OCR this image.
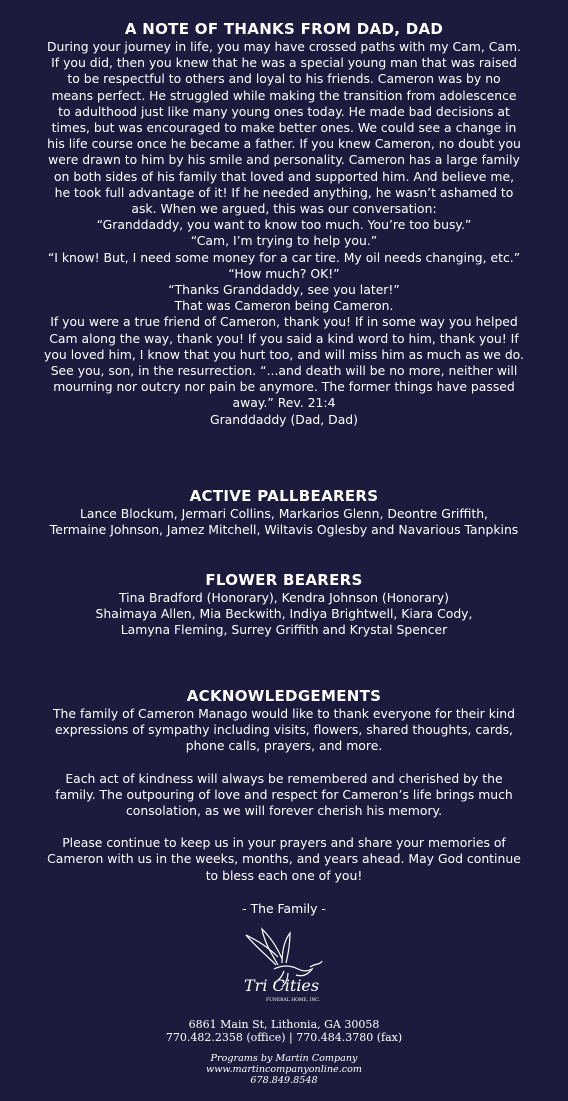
A NOTE OF THANKS FROM DAD, DAD

During your journey in life, you may have crossed paths with my Cam, Cam.
If you did, then you knew that he was a special young man that was raised
to be respectful to others and loyal to his friends. Cameron was by no
means perfect. He struggled while making the transition from adolescence
to adulthood just like many young ones today. He made bad decisions at
times, but was encouraged to make better ones. We could see a change in
his life course once he became a father. If you knew Cameron, no doubt you
were drawn to him by his smile and personality. Cameron has a large family
on both sides of his family that loved and supported him. And believe me,
he took full advantage of it! If he needed anything, he wasn’t ashamed to
ask. When we argued, this was our conversation:
“Granddaddy, you want to know too much. You’re too busy.”
“Cam, I’m trying to help you.”
“I know! But, I need some money for a car tire. My oil needs changing, etc.”
“How much? OK!”
“Thanks Granddaddy, see you later!”
That was Cameron being Cameron.
If you were a true friend of Cameron, thank you! If in some way you helped
Cam along the way, thank you! If you said a kind word to him, thank you! If
you loved him, I know that you hurt too, and will miss him as much as we do.
See you, son, in the resurrection. “...and death will be no more, neither will
mourning nor outcry nor pain be anymore. The former things have passed
away.” Rev. 21:4
Granddaddy (Dad, Dad)

ACTIVE PALLBEARERS

Lance Blockum, Jermari Collins, Markarios Glenn, Deontre Griffith,
Termaine Johnson, Jamez Mitchell, Wiltavis Oglesby and Navarious Tanpkins

FLOWER BEARERS

Tina Bradford (Honorary), Kendra Johnson (Honorary)
Shaimaya Allen, Mia Beckwith, Indiya Brightwell, Kiara Cody,
Lamyna Fleming, Surrey Griffith and Krystal Spencer

ACKNOWLEDGEMENTS

The family of Cameron Manago would like to thank everyone for their kind
expressions of sympathy including visits, flowers, shared thoughts, cards,
phone calls, prayers, and more.

Each act of kindness will always be remembered and cherished by the
family. The outpouring of love and respect for Cameron’s life brings much
consolation, as we will forever cherish his memory.

Please continue to keep us in your prayers and share your memories of
Cameron with us in the weeks, months, and years ahead. May God continue
to bless each one of you!

- The Family -
Tri Cities
FUNERAL HOME, INC.
6861 Main St, Lithonia, GA 30058
770.482.2358 (office) | 770.484.3780 (fax)
Programs by Martin Company
www.martincompanyonline.com
678.849.8548
